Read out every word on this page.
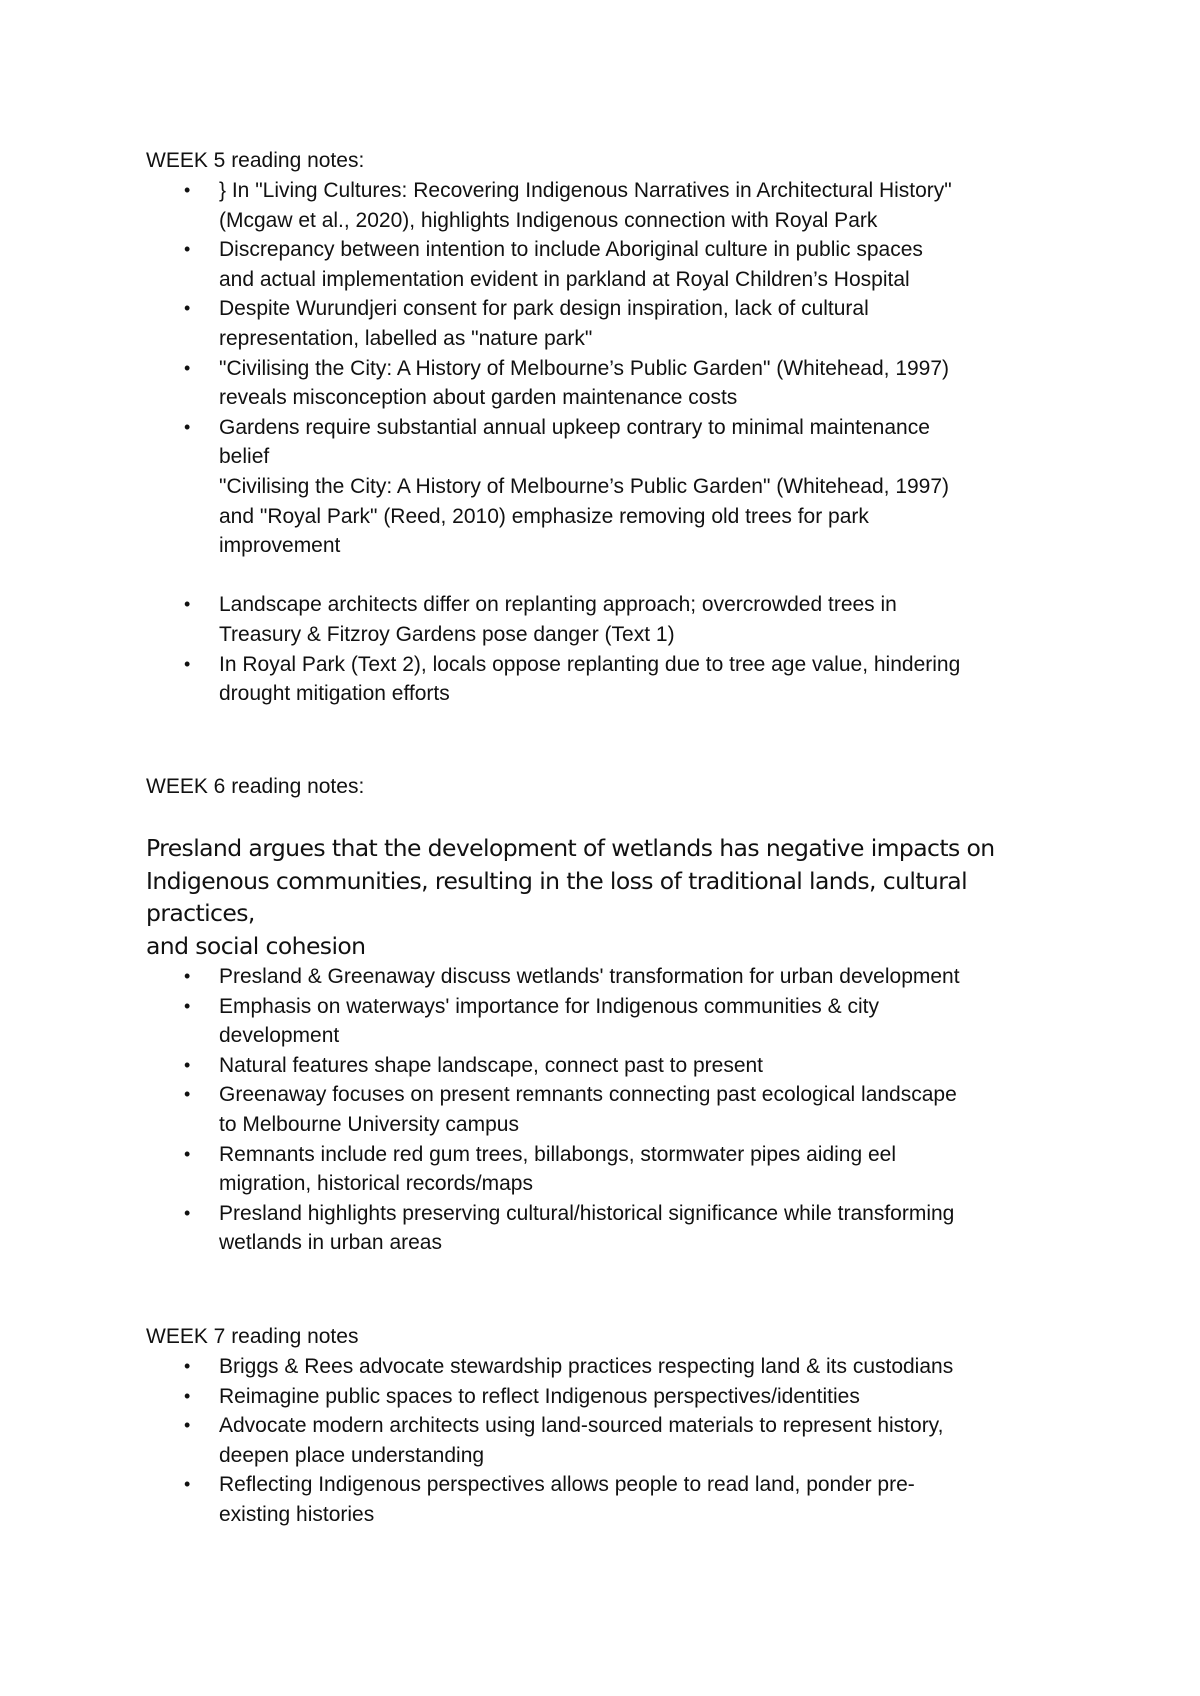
WEEK 5 reading notes:
• } In "Living Cultures: Recovering Indigenous Narratives in Architectural History"
(Mcgaw et al., 2020), highlights Indigenous connection with Royal Park
• Discrepancy between intention to include Aboriginal culture in public spaces
and actual implementation evident in parkland at Royal Children’s Hospital
• Despite Wurundjeri consent for park design inspiration, lack of cultural
representation, labelled as "nature park"
• "Civilising the City: A History of Melbourne’s Public Garden" (Whitehead, 1997)
reveals misconception about garden maintenance costs
• Gardens require substantial annual upkeep contrary to minimal maintenance
belief
"Civilising the City: A History of Melbourne’s Public Garden" (Whitehead, 1997)
and "Royal Park" (Reed, 2010) emphasize removing old trees for park
improvement
• Landscape architects differ on replanting approach; overcrowded trees in
Treasury & Fitzroy Gardens pose danger (Text 1)
• In Royal Park (Text 2), locals oppose replanting due to tree age value, hindering
drought mitigation efforts
WEEK 6 reading notes:

Presland argues that the development of wetlands has negative impacts on
Indigenous communities, resulting in the loss of traditional lands, cultural practices,
and social cohesion

• Presland & Greenaway discuss wetlands' transformation for urban development
• Emphasis on waterways' importance for Indigenous communities & city
development
• Natural features shape landscape, connect past to present
• Greenaway focuses on present remnants connecting past ecological landscape
to Melbourne University campus
• Remnants include red gum trees, billabongs, stormwater pipes aiding eel
migration, historical records/maps
• Presland highlights preserving cultural/historical significance while transforming
wetlands in urban areas
WEEK 7 reading notes
• Briggs & Rees advocate stewardship practices respecting land & its custodians
• Reimagine public spaces to reflect Indigenous perspectives/identities
• Advocate modern architects using land-sourced materials to represent history,
deepen place understanding
• Reflecting Indigenous perspectives allows people to read land, ponder pre-
existing histories
